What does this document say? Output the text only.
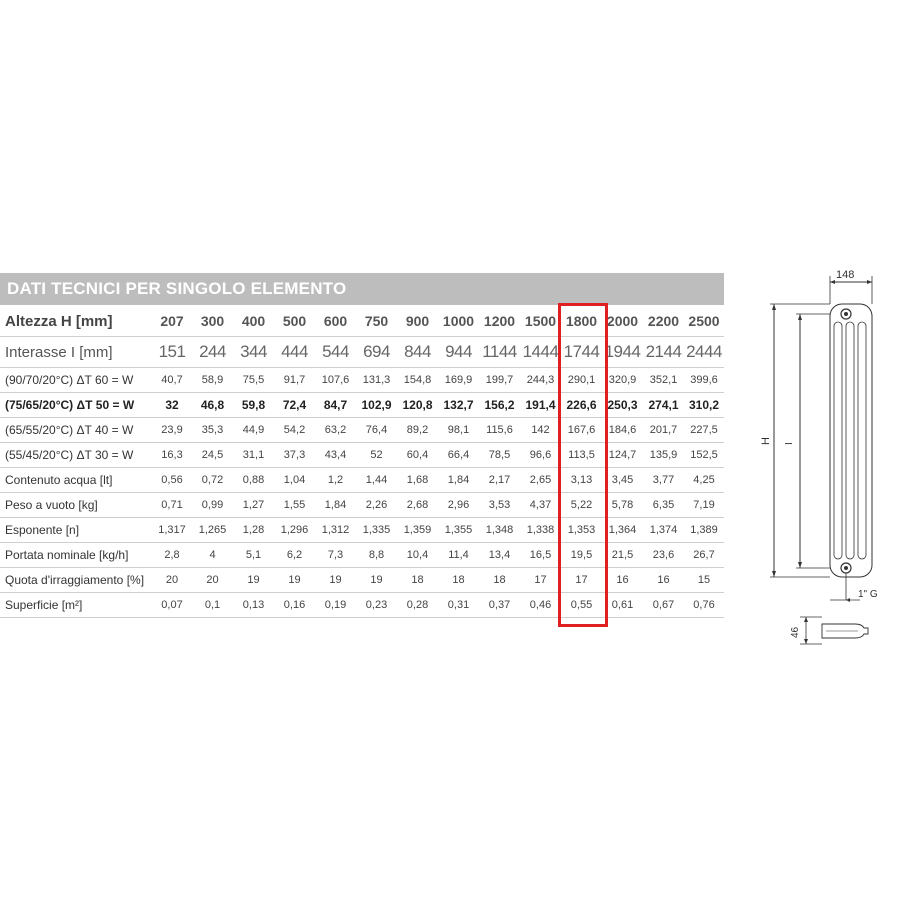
DATI TECNICI PER SINGOLO ELEMENTO
Altezza H [mm]	207	300	400	500	600	750	900	1000	1200	1500	1800	2000	2200	2500
Interasse I [mm]	151	244	344	444	544	694	844	944	1144	1444	1744	1944	2144	2444
(90/70/20°C) ΔT 60 = W	40,7	58,9	75,5	91,7	107,6	131,3	154,8	169,9	199,7	244,3	290,1	320,9	352,1	399,6
(75/65/20°C) ΔT 50 = W	32	46,8	59,8	72,4	84,7	102,9	120,8	132,7	156,2	191,4	226,6	250,3	274,1	310,2
(65/55/20°C) ΔT 40 = W	23,9	35,3	44,9	54,2	63,2	76,4	89,2	98,1	115,6	142	167,6	184,6	201,7	227,5
(55/45/20°C) ΔT 30 = W	16,3	24,5	31,1	37,3	43,4	52	60,4	66,4	78,5	96,6	113,5	124,7	135,9	152,5
Contenuto acqua [lt]	0,56	0,72	0,88	1,04	1,2	1,44	1,68	1,84	2,17	2,65	3,13	3,45	3,77	4,25
Peso a vuoto [kg]	0,71	0,99	1,27	1,55	1,84	2,26	2,68	2,96	3,53	4,37	5,22	5,78	6,35	7,19
Esponente [n]	1,317	1,265	1,28	1,296	1,312	1,335	1,359	1,355	1,348	1,338	1,353	1,364	1,374	1,389
Portata nominale [kg/h]	2,8	4	5,1	6,2	7,3	8,8	10,4	11,4	13,4	16,5	19,5	21,5	23,6	26,7
Quota d'irraggiamento [%]	20	20	19	19	19	19	18	18	18	17	17	16	16	15
Superficie [m²]	0,07	0,1	0,13	0,16	0,19	0,23	0,28	0,31	0,37	0,46	0,55	0,61	0,67	0,76
148
H I
1" G
46
